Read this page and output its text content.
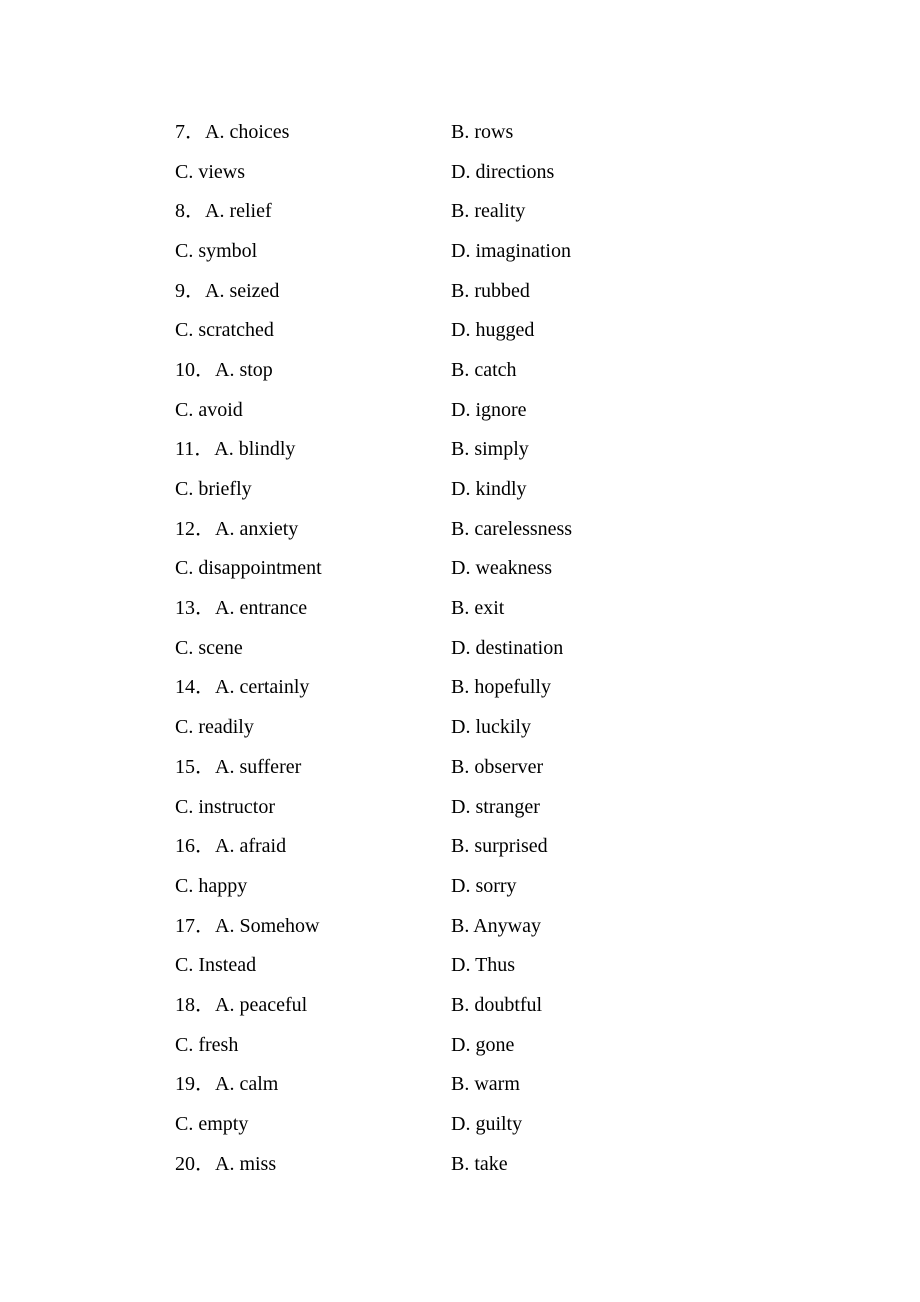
7．A. choices	B. rows
C. views	D. directions
8．A. relief	B. reality
C. symbol	D. imagination
9．A. seized	B. rubbed
C. scratched	D. hugged
10．A. stop	B. catch
C. avoid	D. ignore
11．A. blindly	B. simply
C. briefly	D. kindly
12．A. anxiety	B. carelessness
C. disappointment	D. weakness
13．A. entrance	B. exit
C. scene	D. destination
14．A. certainly	B. hopefully
C. readily	D. luckily
15．A. sufferer	B. observer
C. instructor	D. stranger
16．A. afraid	B. surprised
C. happy	D. sorry
17．A. Somehow	B. Anyway
C. Instead	D. Thus
18．A. peaceful	B. doubtful
C. fresh	D. gone
19．A. calm	B. warm
C. empty	D. guilty
20．A. miss	B. take
